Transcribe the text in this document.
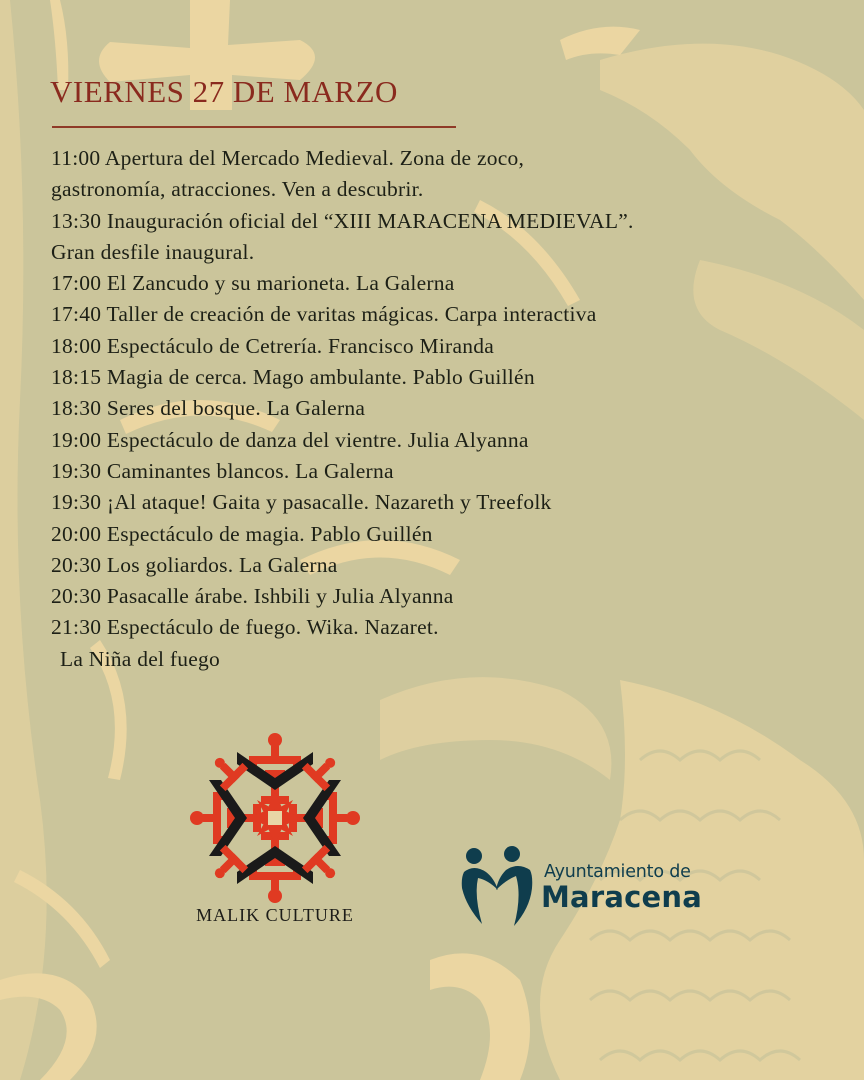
VIERNES 27 DE MARZO
11:00 Apertura del Mercado Medieval. Zona de zoco,
gastronomía, atracciones. Ven a descubrir.
13:30 Inauguración oficial del “XIII MARACENA MEDIEVAL”.
Gran desfile inaugural.
17:00 El Zancudo y su marioneta. La Galerna
17:40 Taller de creación de varitas mágicas. Carpa interactiva
18:00 Espectáculo de Cetrería. Francisco Miranda
18:15 Magia de cerca. Mago ambulante. Pablo Guillén
18:30 Seres del bosque. La Galerna
19:00 Espectáculo de danza del vientre. Julia Alyanna
19:30 Caminantes blancos. La Galerna
19:30 ¡Al ataque! Gaita y pasacalle. Nazareth y Treefolk
20:00 Espectáculo de magia. Pablo Guillén
20:30 Los goliardos. La Galerna
20:30 Pasacalle árabe. Ishbili y Julia Alyanna
21:30 Espectáculo de fuego. Wika. Nazaret.
La Niña del fuego
MALIK CULTURE
Ayuntamiento de
Maracena
